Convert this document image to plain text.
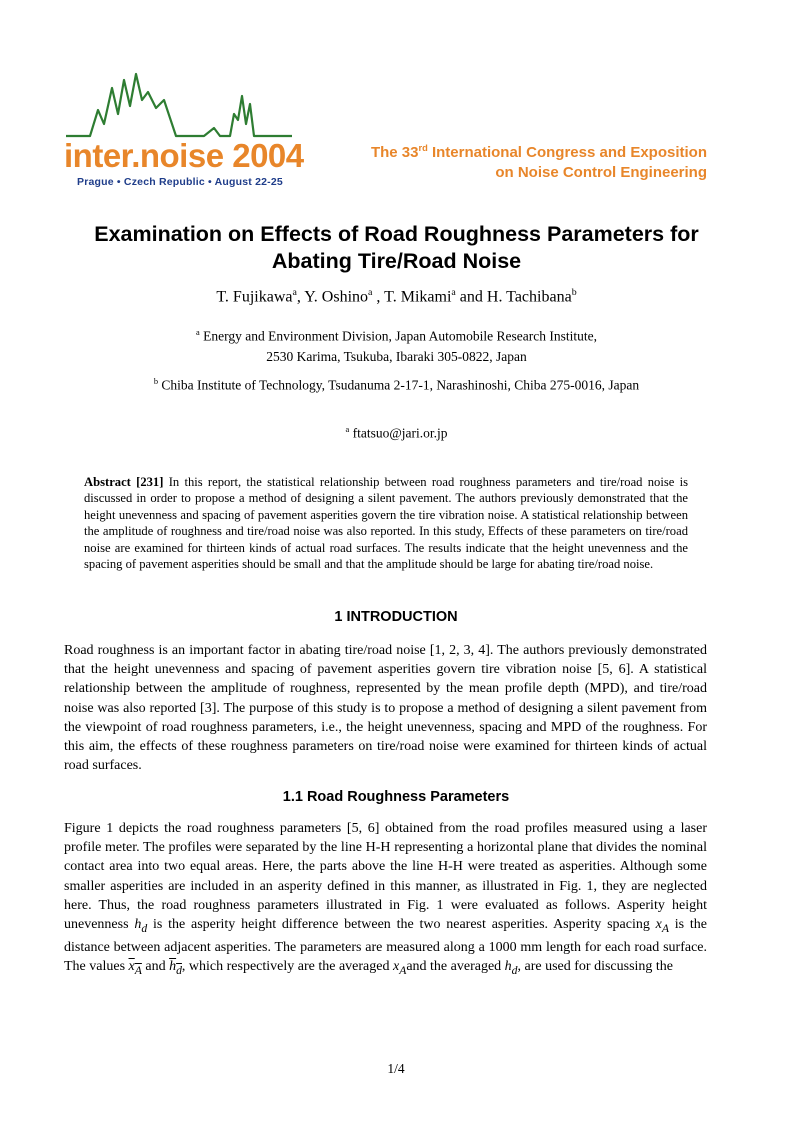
inter.noise 2004
Prague • Czech Republic • August 22-25
The 33rd International Congress and Exposition
on Noise Control Engineering
Examination on Effects of Road Roughness Parameters for
Abating Tire/Road Noise
T. Fujikawa$^a$, Y. Oshino$^a$ , T. Mikami$^a$ and H. Tachibana$^b$
$^a$ Energy and Environment Division, Japan Automobile Research Institute,
2530 Karima, Tsukuba, Ibaraki 305-0822, Japan
$^b$ Chiba Institute of Technology, Tsudanuma 2-17-1, Narashinoshi, Chiba 275-0016, Japan
$^a$ ftatsuo@jari.or.jp
Abstract [231] In this report, the statistical relationship between road roughness parameters and tire/road noise is discussed in order to propose a method of designing a silent pavement. The authors previously demonstrated that the height unevenness and spacing of pavement asperities govern the tire vibration noise. A statistical relationship between the amplitude of roughness and tire/road noise was also reported. In this study, Effects of these parameters on tire/road noise are examined for thirteen kinds of actual road surfaces. The results indicate that the height unevenness and the spacing of pavement asperities should be small and that the amplitude should be large for abating tire/road noise.
1 INTRODUCTION
Road roughness is an important factor in abating tire/road noise [1, 2, 3, 4]. The authors previously demonstrated that the height unevenness and spacing of pavement asperities govern tire vibration noise [5, 6]. A statistical relationship between the amplitude of roughness, represented by the mean profile depth (MPD), and tire/road noise was also reported [3]. The purpose of this study is to propose a method of designing a silent pavement from the viewpoint of road roughness parameters, i.e., the height unevenness, spacing and MPD of the roughness. For this aim, the effects of these roughness parameters on tire/road noise were examined for thirteen kinds of actual road surfaces.
1.1 Road Roughness Parameters
Figure 1 depicts the road roughness parameters [5, 6] obtained from the road profiles measured using a laser profile meter. The profiles were separated by the line H-H representing a horizontal plane that divides the nominal contact area into two equal areas. Here, the parts above the line H-H were treated as asperities. Although some smaller asperities are included in an asperity defined in this manner, as illustrated in Fig. 1, they are neglected here. Thus, the road roughness parameters illustrated in Fig. 1 were evaluated as follows. Asperity height unevenness $h_d$ is the asperity height difference between the two nearest asperities. Asperity spacing $x_A$ is the distance between adjacent asperities. The parameters are measured along a 1000 mm length for each road surface. The values $x_A$ and $h_d$, which respectively are the averaged $x_Aand$ the averaged $h_d$, are used for discussing the
1/4
